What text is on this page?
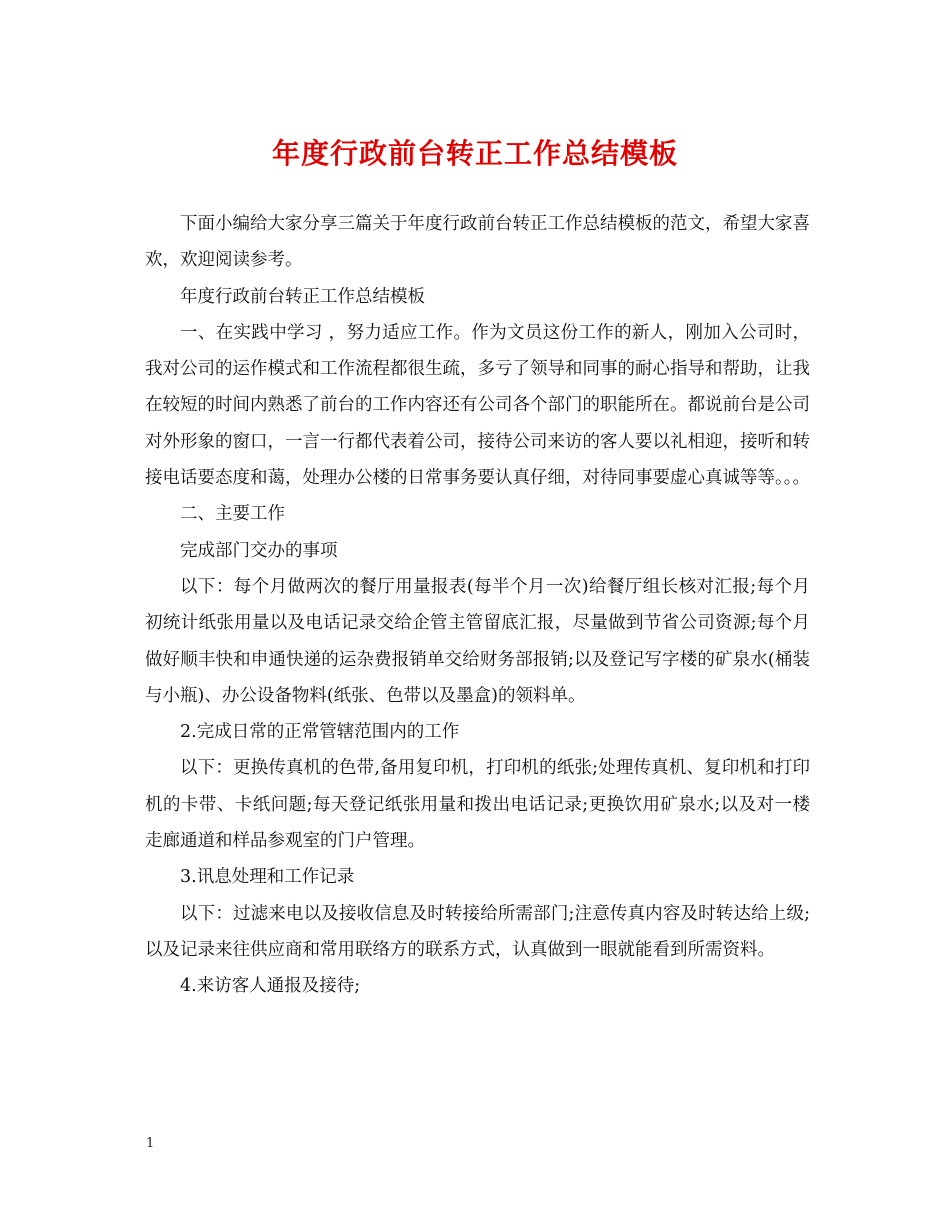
年度行政前台转正工作总结模板

下面小编给大家分享三篇关于年度行政前台转正工作总结模板的范文，希望大家喜欢，欢迎阅读参考。

年度行政前台转正工作总结模板

一、在实践中学习 ，努力适应工作。作为文员这份工作的新人，刚加入公司时，我对公司的运作模式和工作流程都很生疏，多亏了领导和同事的耐心指导和帮助，让我在较短的时间内熟悉了前台的工作内容还有公司各个部门的职能所在。都说前台是公司对外形象的窗口，一言一行都代表着公司，接待公司来访的客人要以礼相迎，接听和转接电话要态度和蔼，处理办公楼的日常事务要认真仔细，对待同事要虚心真诚等等。。。

二、主要工作

完成部门交办的事项

以下：每个月做两次的餐厅用量报表(每半个月一次)给餐厅组长核对汇报;每个月初统计纸张用量以及电话记录交给企管主管留底汇报，尽量做到节省公司资源;每个月做好顺丰快和申通快递的运杂费报销单交给财务部报销;以及登记写字楼的矿泉水(桶装与小瓶)、办公设备物料(纸张、色带以及墨盒)的领料单。

2.完成日常的正常管辖范围内的工作

以下：更换传真机的色带,备用复印机，打印机的纸张;处理传真机、复印机和打印机的卡带、卡纸问题;每天登记纸张用量和拨出电话记录;更换饮用矿泉水;以及对一楼走廊通道和样品参观室的门户管理。

3.讯息处理和工作记录

以下：过滤来电以及接收信息及时转接给所需部门;注意传真内容及时转达给上级;以及记录来往供应商和常用联络方的联系方式，认真做到一眼就能看到所需资料。

4.来访客人通报及接待;

1
